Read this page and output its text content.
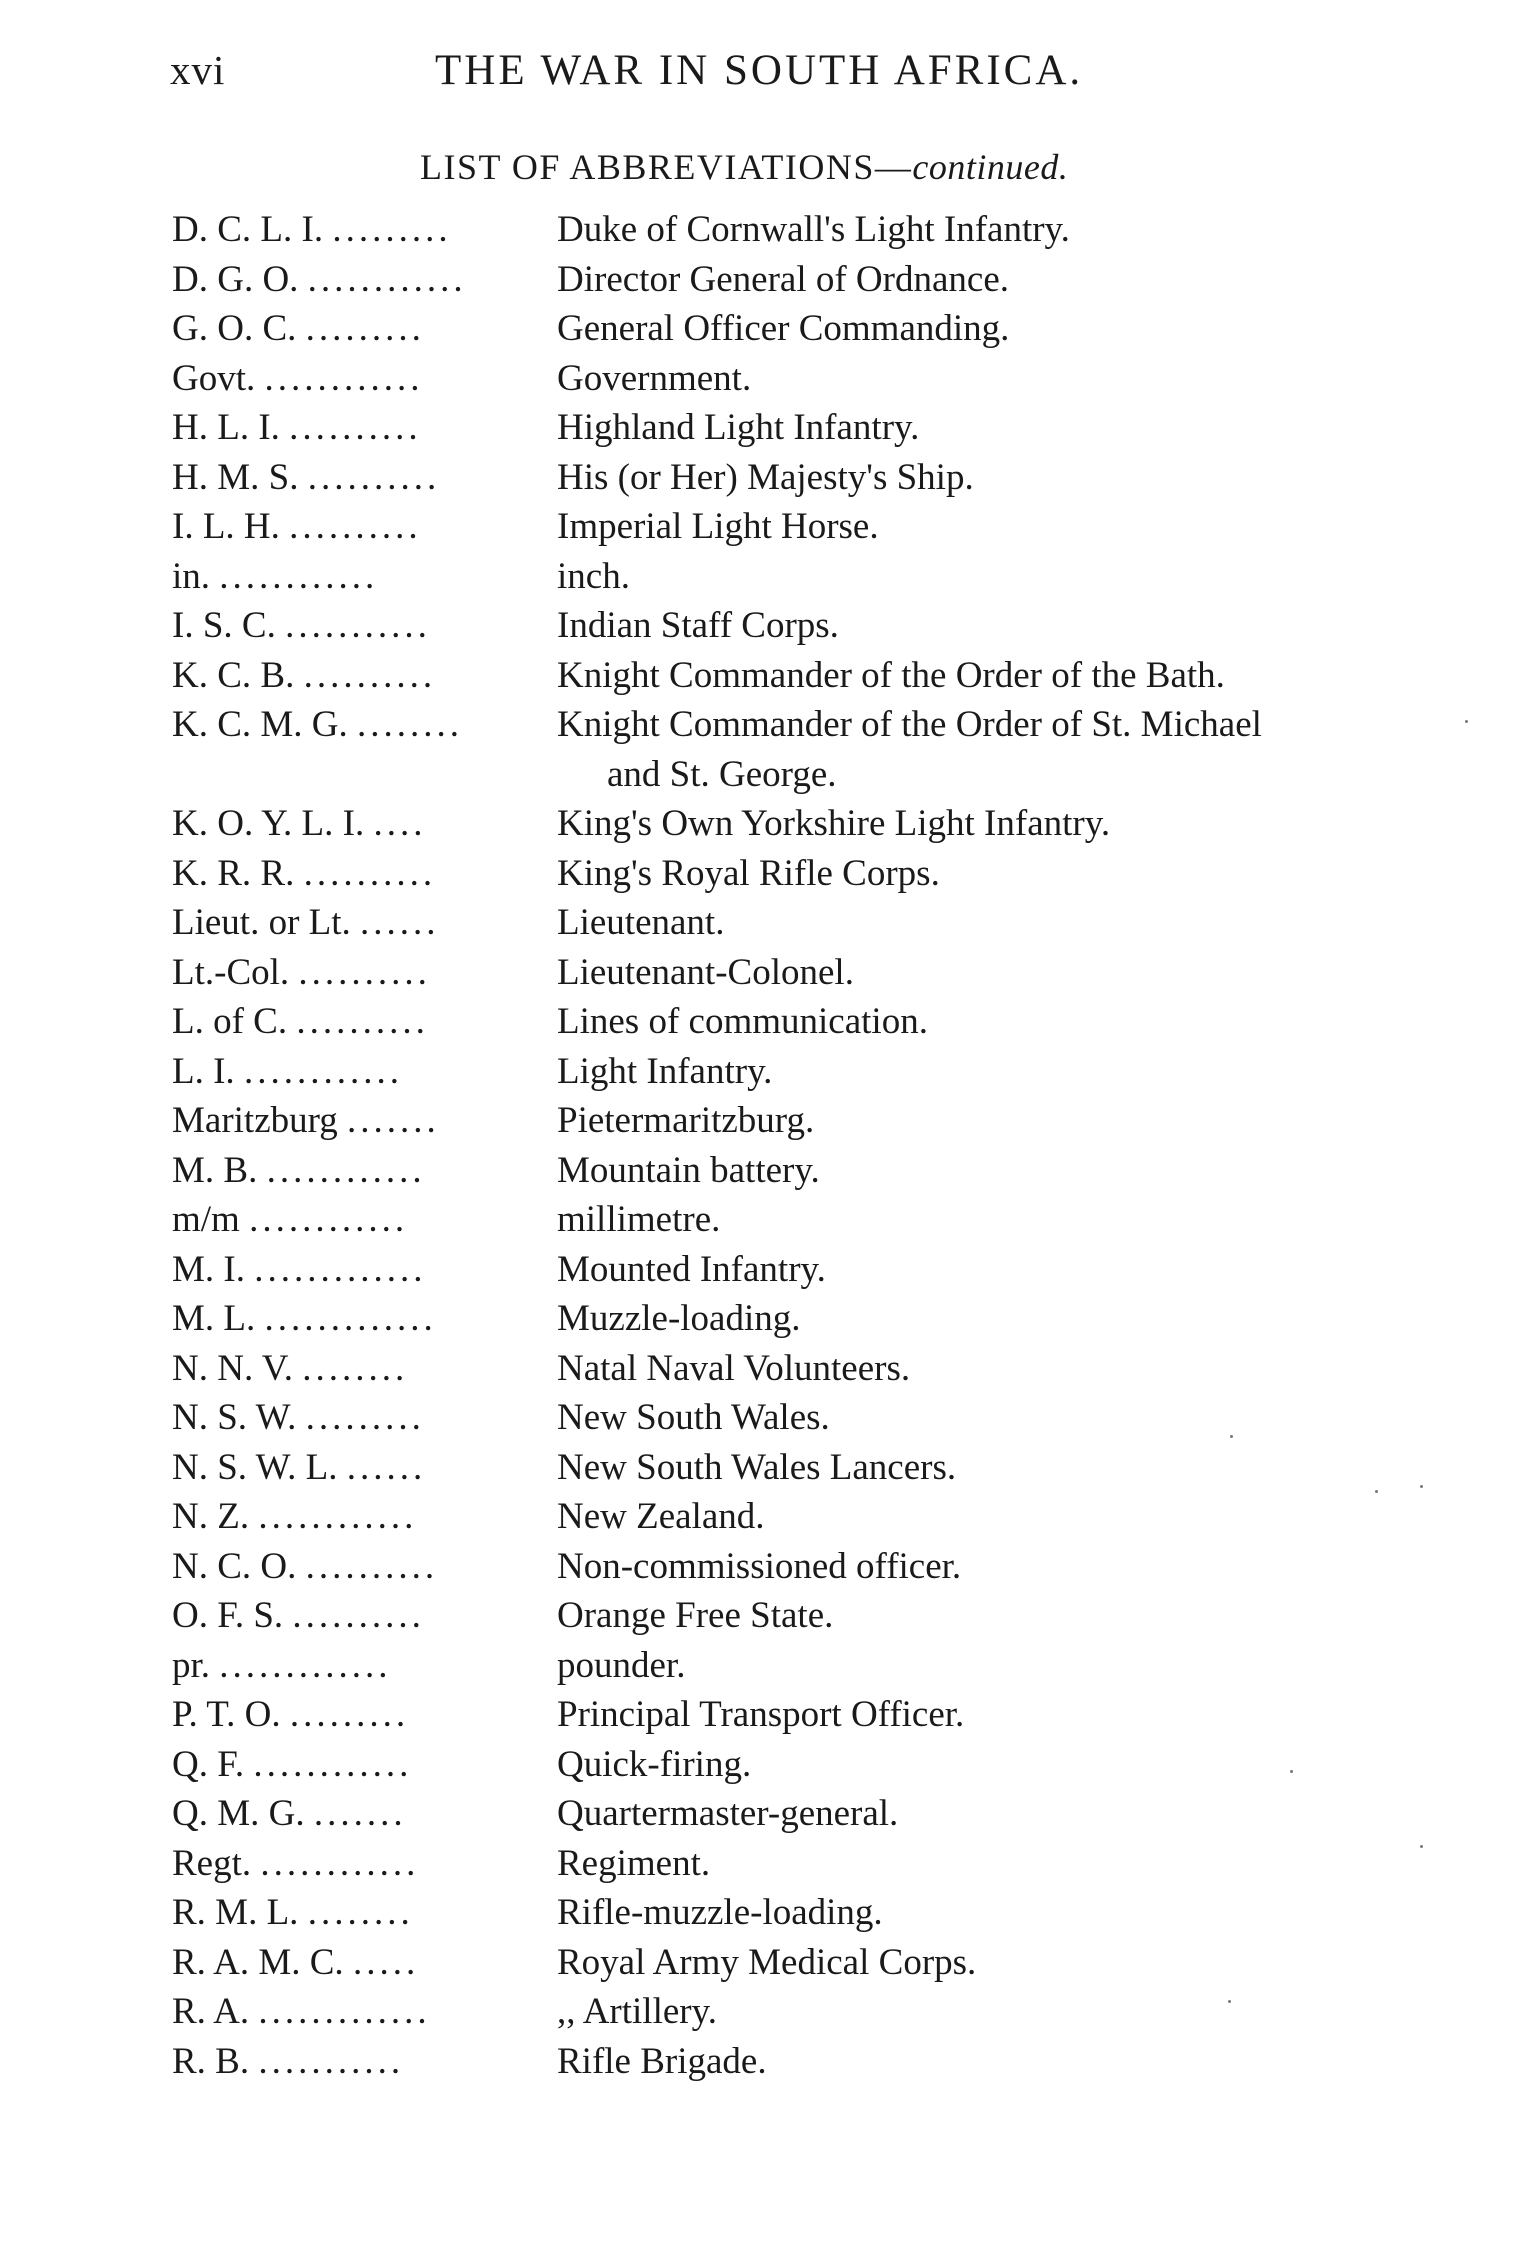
xvi	THE WAR IN SOUTH AFRICA.
LIST OF ABBREVIATIONS—continued.
D. C. L. I. .........	Duke of Cornwall's Light Infantry.
D. G. O. ............	Director General of Ordnance.
G. O. C. .........	General Officer Commanding.
Govt. ............	Government.
H. L. I. ..........	Highland Light Infantry.
H. M. S. ..........	His (or Her) Majesty's Ship.
I. L. H. ..........	Imperial Light Horse.
in. ............	inch.
I. S. C. ...........	Indian Staff Corps.
K. C. B. ..........	Knight Commander of the Order of the Bath.
K. C. M. G. ........	Knight Commander of the Order of St. Michael
and St. George.
K. O. Y. L. I. ....	King's Own Yorkshire Light Infantry.
K. R. R. ..........	King's Royal Rifle Corps.
Lieut. or Lt. ......	Lieutenant.
Lt.-Col. ..........	Lieutenant-Colonel.
L. of C. ..........	Lines of communication.
L. I. ............	Light Infantry.
Maritzburg .......	Pietermaritzburg.
M. B. ............	Mountain battery.
m/m ............	millimetre.
M. I. .............	Mounted Infantry.
M. L. .............	Muzzle-loading.
N. N. V. ........	Natal Naval Volunteers.
N. S. W. .........	New South Wales.
N. S. W. L. ......	New South Wales Lancers.
N. Z. ............	New Zealand.
N. C. O. ..........	Non-commissioned officer.
O. F. S. ..........	Orange Free State.
pr. .............	pounder.
P. T. O. .........	Principal Transport Officer.
Q. F. ............	Quick-firing.
Q. M. G. .......	Quartermaster-general.
Regt. ............	Regiment.
R. M. L. ........	Rifle-muzzle-loading.
R. A. M. C. .....	Royal Army Medical Corps.
R. A. .............	,, Artillery.
R. B. ...........	Rifle Brigade.
